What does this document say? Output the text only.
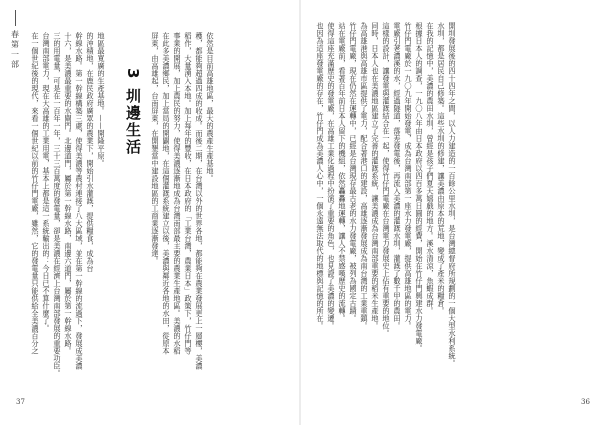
春第一部	地區最寬廣的生產基地。——開隆平原。

的沖積地，在鹿民政府廣眾的農業下，開始引水灌溉，提供糧食，成為台

幹線水路。第一幹線構築三處，使得美濃等農村連接了八大區域，並在第一幹線的流過下，發展成美濃

十六，是美濃最重要的水閘門。北邊道門，屬於第一幹線水路，南邊六道門，屬於第一幹線水路。

三的用電量，可是在一百年一年，三十三百萬度的發電量，卻是美濃在經濟上台灣南部發展的重要功臣。

台灣南部電力，現在大高雄的工業用電，基本上都是這一系統輸出的：今日已不算什麼了。

在一個世紀後的現代，來看一個世紀以前的竹仔門電廠，雖然，它的發電量只能供給全美濃百分之	3 圳邊生活	依然是目前高雄地區，最大的農產生產基地。

穫，都能夠超過四成的收成。而後二期，在台灣以外的世界各地，都能夠在農業發展更上一層樓，美濃

稻作，大量湧入本地。加上每年的豐收，在日本政府的「工業台灣，農業日本」政策下，竹仔門等

事業的開展，加上農民的努力，使得美濃逐漸地成為台灣南部最主要的農業生產地區。美濃的水稻

在此多美濃鄉民，加上當局的開闢地，在這個灌溉系統建立以後，美濃與鄰近各地的水田，從原本

屏東，由高雄起，台南屏東，在開墾當中建設地區的工商業逐漸發達。

37

開圳發展後的四十四年之間，以人力建造的一百餘公里水圳，是台灣總督府所規劃的一個大型水利系統。

水圳，都是居民自己修築。這些水圳的修建，讓美濃由原本的荒地，變成了產米的糧倉。

在我的記憶中，美濃的農田水圳，曾經是孩子們夏天嬉戲的地方。溪水清涼，魚蝦成群。

根據日本人的調查，一九〇八年由日本政府以四百多萬日圓的經費，開始在竹仔門興建水力發電廠。

竹仔門電廠於一九〇九年開始發電，成為台灣南部第一座水力發電廠，提供高雄地區的電力。

電廠引荖濃溪的水，經過隧道，落差發電後，再流入美濃的灌溉水圳，灌溉了數千甲的農田。

這樣的設計，讓發電與灌溉結合在一起，使得竹仔門電廠在台灣電力發展史上佔有重要的地位。

同時，日本人也在美濃地區建立了完善的灌溉系統，讓美濃成為台灣南部重要的稻米生產地。

為高雄港與高雄市區提供了電力，配合著港口的建設，高雄逐漸發展成為南台灣的工業重鎮。

竹仔門電廠，現在仍然在運轉中，已經是台灣現存最古老的水力發電廠，被列為國定古蹟。

站在電廠前，看著百年前日本人留下的機組，依然轟轟地運轉，讓人不禁感嘆歷史的流轉。

使得這座充滿歷史的發電廠，在高雄工業化過程中扮演了重要的角色，也見證了美濃的變遷。

也因為這座發電廠的存在，竹仔門成為美濃人心中，一個永遠無法取代的地標與記憶的所在。

36
